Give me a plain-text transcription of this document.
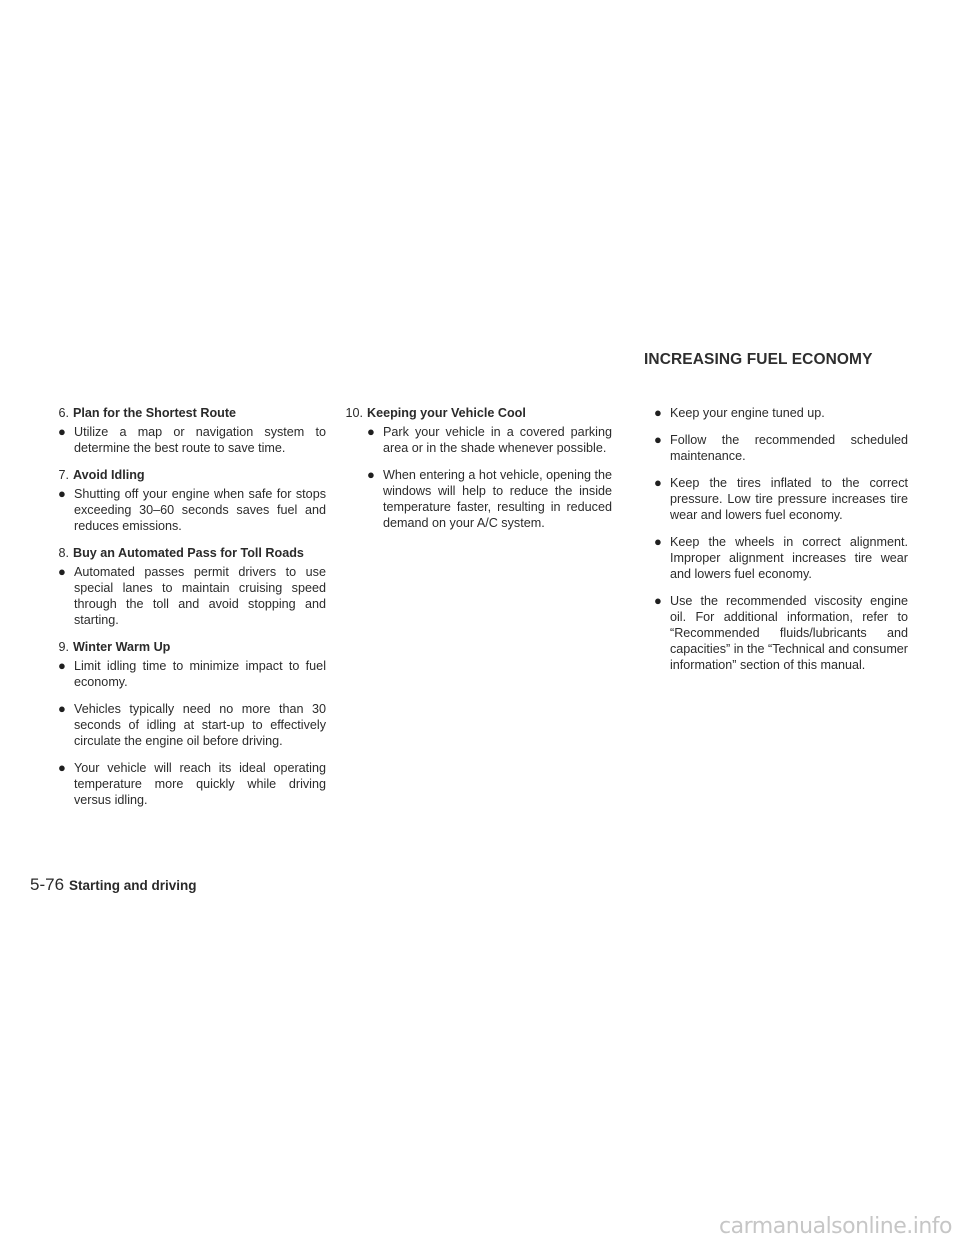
INCREASING FUEL ECONOMY
6. Plan for the Shortest Route
● Utilize a map or navigation system to determine the best route to save time.
7. Avoid Idling
● Shutting off your engine when safe for stops exceeding 30–60 seconds saves fuel and reduces emissions.
8. Buy an Automated Pass for Toll Roads
● Automated passes permit drivers to use special lanes to maintain cruising speed through the toll and avoid stopping and starting.
9. Winter Warm Up
● Limit idling time to minimize impact to fuel economy.
● Vehicles typically need no more than 30 seconds of idling at start-up to effectively circulate the engine oil before driving.
● Your vehicle will reach its ideal operating temperature more quickly while driving versus idling.
10. Keeping your Vehicle Cool
● Park your vehicle in a covered parking area or in the shade whenever possible.
● When entering a hot vehicle, opening the windows will help to reduce the inside temperature faster, resulting in reduced demand on your A/C system.
● Keep your engine tuned up.
● Follow the recommended scheduled maintenance.
● Keep the tires inflated to the correct pressure. Low tire pressure increases tire wear and lowers fuel economy.
● Keep the wheels in correct alignment. Improper alignment increases tire wear and lowers fuel economy.
● Use the recommended viscosity engine oil. For additional information, refer to “Recommended fluids/lubricants and capacities” in the “Technical and consumer information” section of this manual.
5-76 Starting and driving
carmanualsonline.info
